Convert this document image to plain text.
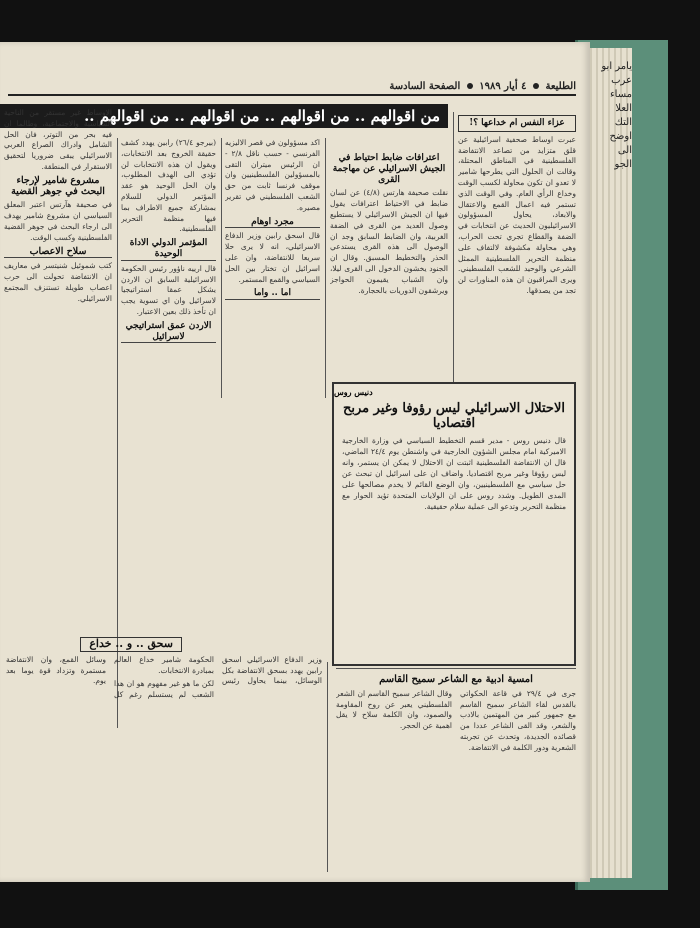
يامر ابو عرب مساء العلا التك اوضح الى الجو
الطليعة  ٤ أيار ١٩٨٩  الصفحة السادسة
من اقوالهم .. من اقوالهم .. من اقوالهم .. من اقوالهم ..	عزاء النفس ام خداعها ؟!

عبرت اوساط صحفية اسرائيلية عن قلق متزايد من تصاعد الانتفاضة الفلسطينية في المناطق المحتلة، وقالت ان الحلول التي يطرحها شامير لا تعدو ان تكون محاولة لكسب الوقت وخداع الرأي العام. وفي الوقت الذي تستمر فيه اعمال القمع والاعتقال والابعاد، يحاول المسؤولون الاسرائيليون الحديث عن انتخابات في الضفة والقطاع تجري تحت الحراب، وهي محاولة مكشوفة لالتفاف على منظمة التحرير الفلسطينية الممثل الشرعي والوحيد للشعب الفلسطيني. ويرى المراقبون ان هذه المناورات لن تجد من يصدقها.

اعترافات ضابط احتياط في الجيش الاسرائيلي عن مهاجمة القرى

نقلت صحيفة هارتس (٤/٨) عن لسان ضابط في الاحتياط اعترافات يقول فيها ان الجيش الاسرائيلي لا يستطيع وصول العديد من القرى في الضفة الغربية، وان الضابط السابق وجد ان الوصول الى هذه القرى يستدعي الحذر والتخطيط المسبق. وقال ان الجنود يخشون الدخول الى القرى ليلا، وان الشباب يقيمون الحواجز ويرشقون الدوريات بالحجارة.

اكد مسؤولون في قصر الاليزيه الفرنسي - حسب ناقل ٢/٨ - ان الرئيس ميتران التقى بالمسؤولين الفلسطينيين وان موقف فرنسا ثابت من حق الشعب الفلسطيني في تقرير مصيره.

مجرد اوهام

قال اسحق رابين وزير الدفاع الاسرائيلي، انه لا يرى حلا سريعا للانتفاضة، وان على اسرائيل ان تختار بين الحل السياسي والقمع المستمر.

اما .. واما

(بيرجو ٢٦/٤) رابين يهدد كشف حقيقة الخروج بعد الانتخابات، ويقول ان هذه الانتخابات لن تؤدي الى الهدف المطلوب، وان الحل الوحيد هو عقد المؤتمر الدولي للسلام بمشاركة جميع الاطراف بما فيها منظمة التحرير الفلسطينية.

المؤتمر الدولي الاداة الوحيدة

قال ارييه ناؤور رئيس الحكومة الاسرائيلية السابق ان الاردن يشكل عمقا استراتيجيا لاسرائيل وان اي تسوية يجب ان تأخذ ذلك بعين الاعتبار.

الاردن عمق استراتيجي لاسرائيل

الاوساط غير مستقر من الناحية السياسية والاجتماعية، وطالما ان فيه بحر من التوتر، فان الحل الشامل وادراك الصراع العربي الاسرائيلي يبقى ضروريا لتحقيق الاستقرار في المنطقة.

مشروع شامير لإرجاء البحث في جوهر القضية

في صحيفة هآرتس اعتبر المعلق السياسي ان مشروع شامير يهدف الى ارجاء البحث في جوهر القضية الفلسطينية وكسب الوقت.

سلاح الاعصاب

كتب شموئيل شنيتسر في معاريف ان الانتفاضة تحولت الى حرب اعصاب طويلة تستنزف المجتمع الاسرائيلي.

دنيس روس
الاحتلال الاسرائيلي ليس رؤوفا وغير مربح اقتصاديا

قال دنيس روس - مدير قسم التخطيط السياسي في وزارة الخارجية الاميركية امام مجلس الشؤون الخارجية في واشنطن يوم ٢٤/٤ الماضي، قال ان الانتفاضة الفلسطينية اثبتت ان الاحتلال لا يمكن ان يستمر، وانه ليس رؤوفا وغير مربح اقتصاديا. واضاف ان على اسرائيل ان تبحث عن حل سياسي مع الفلسطينيين، وان الوضع القائم لا يخدم مصالحها على المدى الطويل. وشدد روس على ان الولايات المتحدة تؤيد الحوار مع منظمة التحرير وتدعو الى عملية سلام حقيقية.

امسية ادبية مع الشاعر سميح القاسم

جرى في ٢٩/٤ في قاعة الحكواتي بالقدس لقاء الشاعر سميح القاسم مع جمهور كبير من المهتمين بالادب والشعر، وقد القى الشاعر عددا من قصائده الجديدة، وتحدث عن تجربته الشعرية ودور الكلمة في الانتفاضة.

وقال الشاعر سميح القاسم ان الشعر الفلسطيني يعبر عن روح المقاومة والصمود، وان الكلمة سلاح لا يقل اهمية عن الحجر.

سحق .. و .. خداع

وزير الدفاع الاسرائيلي اسحق رابين يهدد بسحق الانتفاضة بكل الوسائل، بينما يحاول رئيس الحكومة شامير خداع العالم بمبادرة الانتخابات.

لكن ما هو غير مفهوم هو ان هذا الشعب لم يستسلم رغم كل وسائل القمع، وان الانتفاضة مستمرة وتزداد قوة يوما بعد يوم.
